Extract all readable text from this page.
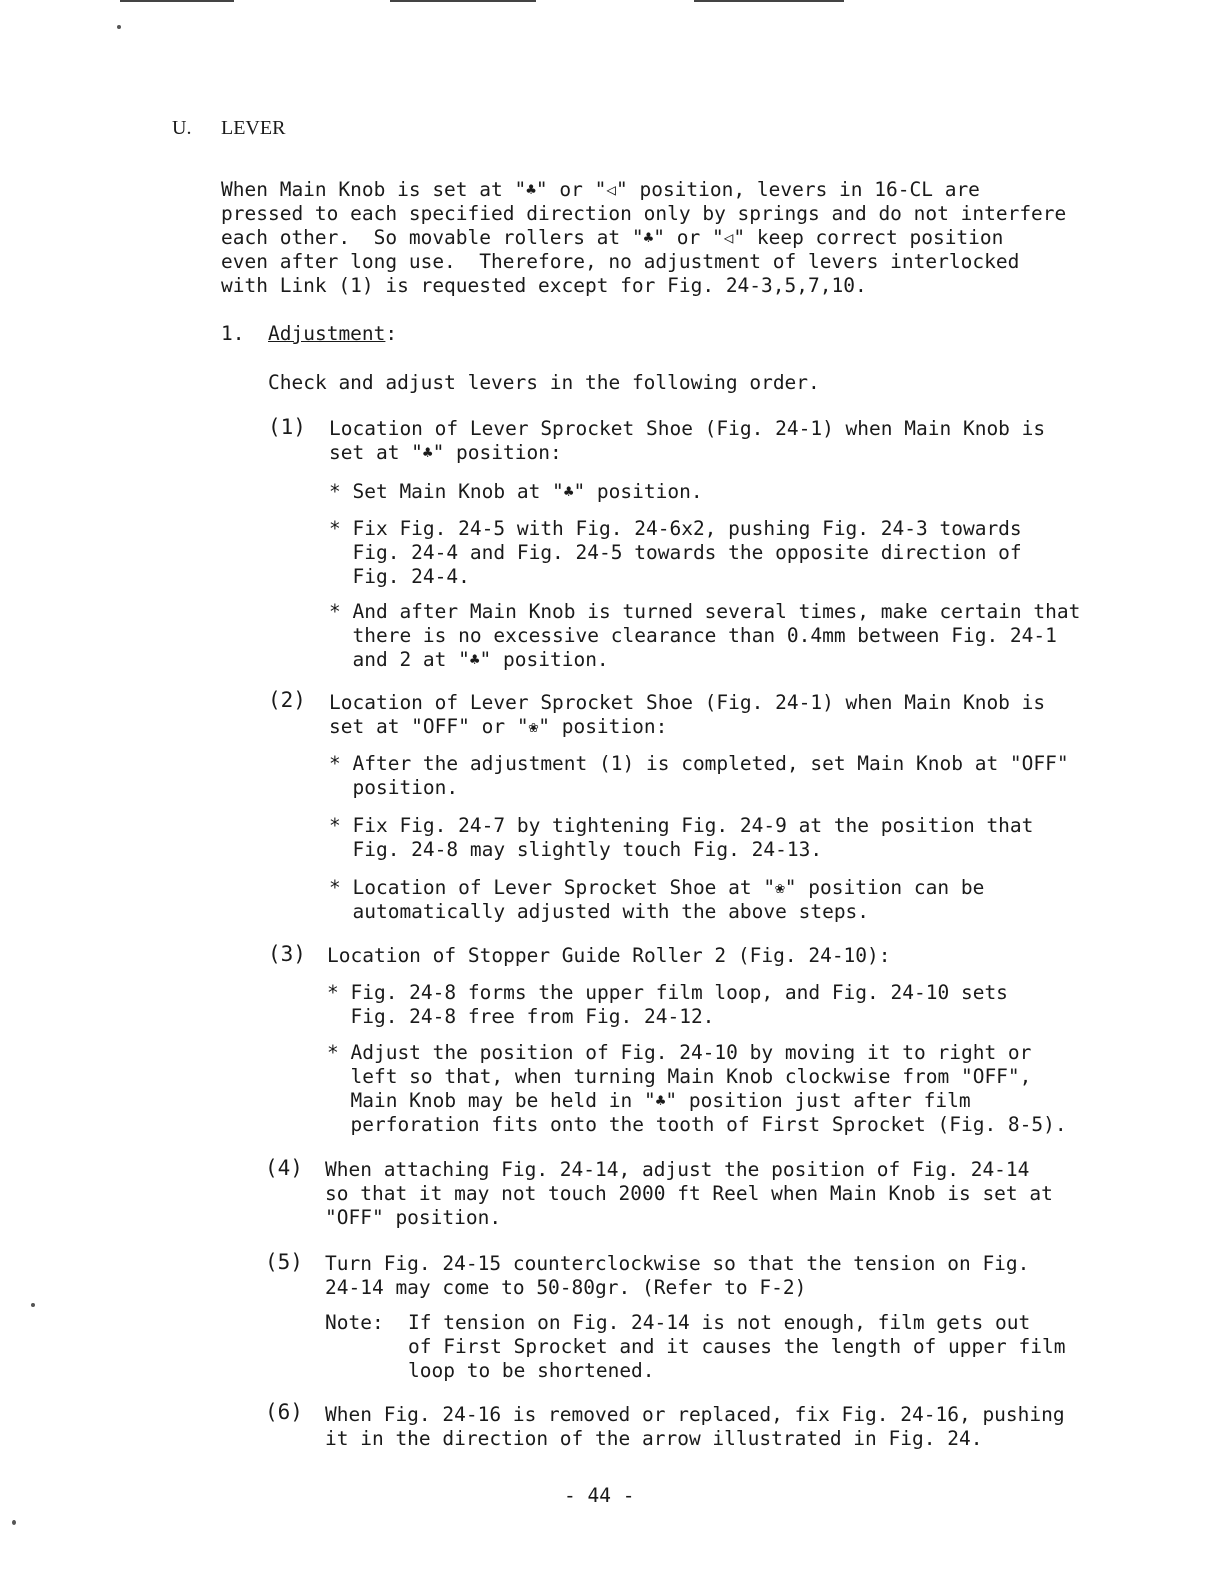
U. LEVER
When Main Knob is set at "♣" or "◁" position, levers in 16-CL are
pressed to each specified direction only by springs and do not interfere
each other.  So movable rollers at "♣" or "◁" keep correct position
even after long use.  Therefore, no adjustment of levers interlocked
with Link (1) is requested except for Fig. 24-3,5,7,10.
1. Adjustment:
Check and adjust levers in the following order.
(1) Location of Lever Sprocket Shoe (Fig. 24-1) when Main Knob is
set at "♣" position:
* Set Main Knob at "♣" position.
* Fix Fig. 24-5 with Fig. 24-6x2, pushing Fig. 24-3 towards
Fig. 24-4 and Fig. 24-5 towards the opposite direction of
Fig. 24-4.
* And after Main Knob is turned several times, make certain that
there is no excessive clearance than 0.4mm between Fig. 24-1
and 2 at "♣" position.
(2) Location of Lever Sprocket Shoe (Fig. 24-1) when Main Knob is
set at "OFF" or "❀" position:
* After the adjustment (1) is completed, set Main Knob at "OFF"
position.
* Fix Fig. 24-7 by tightening Fig. 24-9 at the position that
Fig. 24-8 may slightly touch Fig. 24-13.
* Location of Lever Sprocket Shoe at "❀" position can be
automatically adjusted with the above steps.
(3) Location of Stopper Guide Roller 2 (Fig. 24-10):
* Fig. 24-8 forms the upper film loop, and Fig. 24-10 sets
Fig. 24-8 free from Fig. 24-12.
* Adjust the position of Fig. 24-10 by moving it to right or
left so that, when turning Main Knob clockwise from "OFF",
Main Knob may be held in "♣" position just after film
perforation fits onto the tooth of First Sprocket (Fig. 8-5).
(4) When attaching Fig. 24-14, adjust the position of Fig. 24-14
so that it may not touch 2000 ft Reel when Main Knob is set at
"OFF" position.
(5) Turn Fig. 24-15 counterclockwise so that the tension on Fig.
24-14 may come to 50-80gr. (Refer to F-2)
Note: If tension on Fig. 24-14 is not enough, film gets out
of First Sprocket and it causes the length of upper film
loop to be shortened.
(6) When Fig. 24-16 is removed or replaced, fix Fig. 24-16, pushing
it in the direction of the arrow illustrated in Fig. 24.
- 44 -
